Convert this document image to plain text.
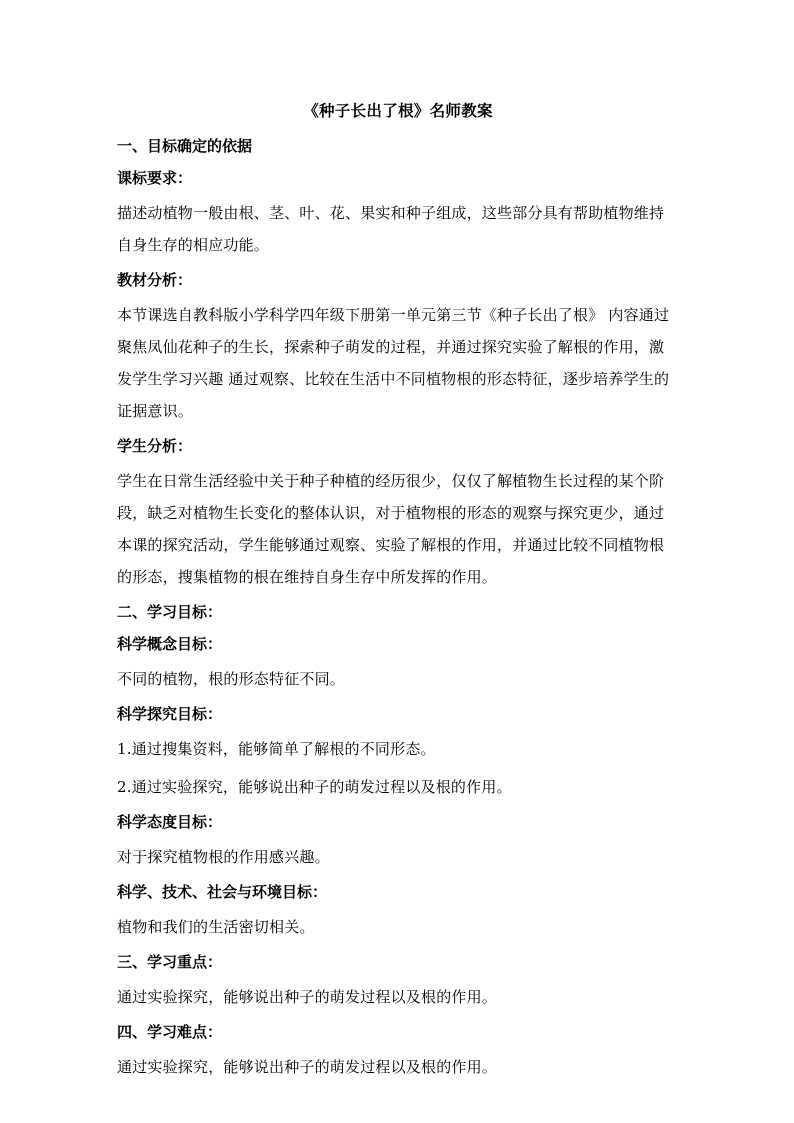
《种子长出了根》名师教案
一、目标确定的依据
课标要求：
描述动植物一般由根、茎、叶、花、果实和种子组成，这些部分具有帮助植物维持自身生存的相应功能。
教材分析：
本节课选自教科版小学科学四年级下册第一单元第三节《种子长出了根》 内容通过聚焦凤仙花种子的生长，探索种子萌发的过程，并通过探究实验了解根的作用，激发学生学习兴趣 通过观察、比较在生活中不同植物根的形态特征，逐步培养学生的证据意识。
学生分析：
学生在日常生活经验中关于种子种植的经历很少，仅仅了解植物生长过程的某个阶段，缺乏对植物生长变化的整体认识，对于植物根的形态的观察与探究更少，通过本课的探究活动，学生能够通过观察、实验了解根的作用，并通过比较不同植物根的形态，搜集植物的根在维持自身生存中所发挥的作用。
二、学习目标：
科学概念目标：
不同的植物，根的形态特征不同。
科学探究目标：
1.通过搜集资料，能够简单了解根的不同形态。
2.通过实验探究，能够说出种子的萌发过程以及根的作用。
科学态度目标：
对于探究植物根的作用感兴趣。
科学、技术、社会与环境目标：
植物和我们的生活密切相关。
三、学习重点：
通过实验探究，能够说出种子的萌发过程以及根的作用。
四、学习难点：
通过实验探究，能够说出种子的萌发过程以及根的作用。
